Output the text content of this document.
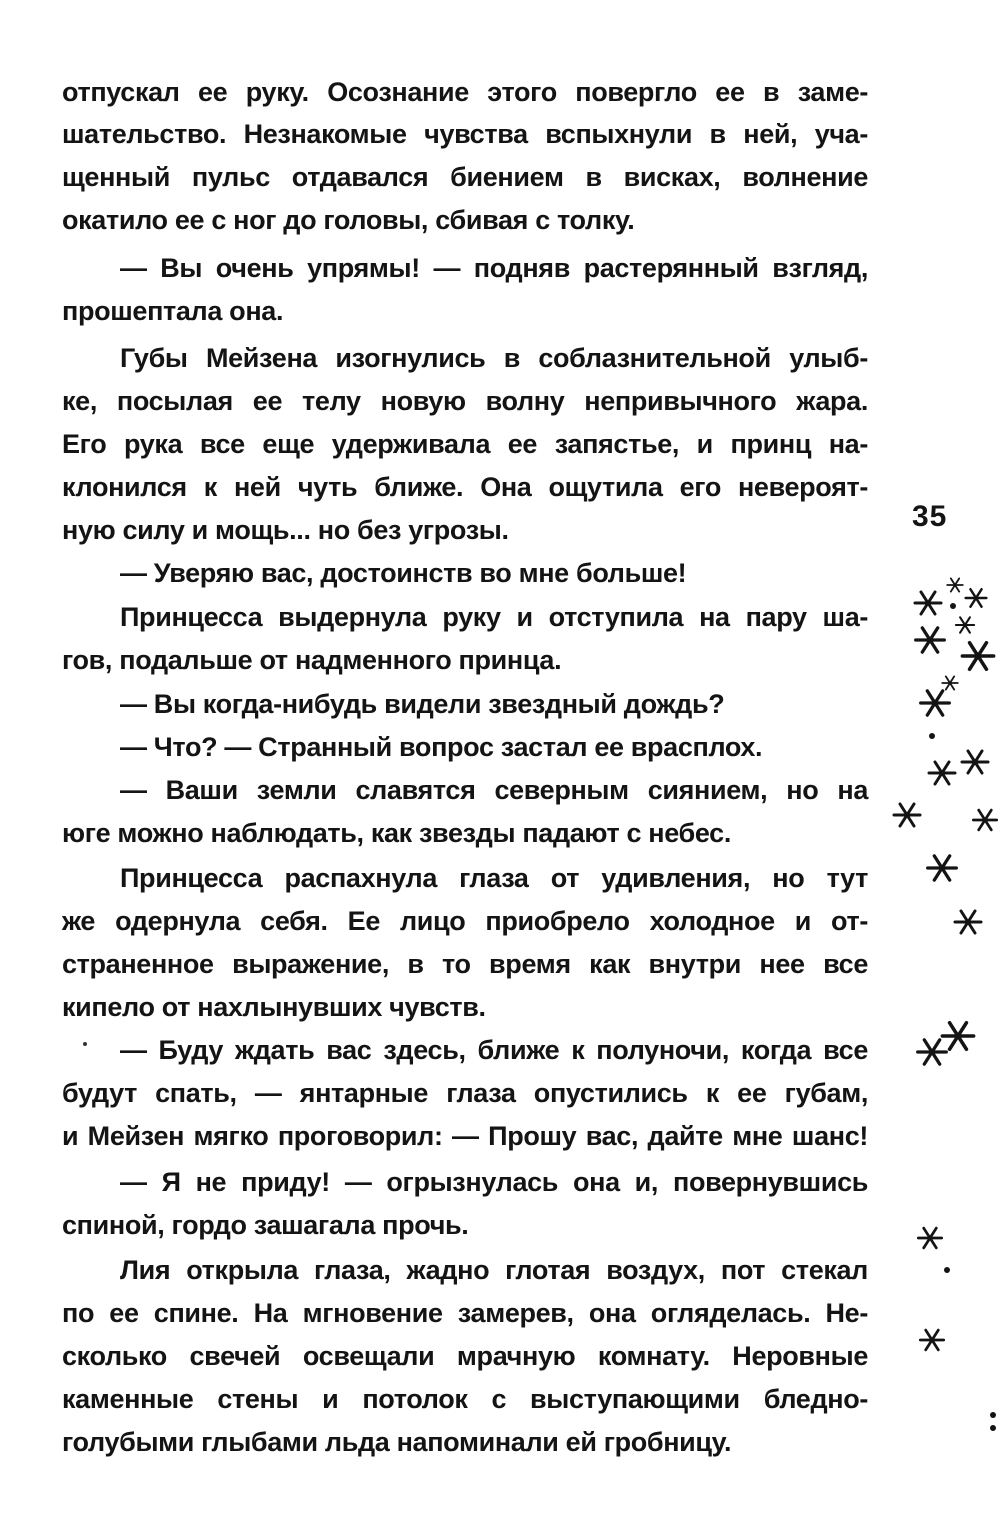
отпускал ее руку. Осознание этого повергло ее в заме-
шательство. Незнакомые чувства вспыхнули в ней, уча-
щенный пульс отдавался биением в висках, волнение
окатило ее с ног до головы, сбивая с толку.
— Вы очень упрямы! — подняв растерянный взгляд,
прошептала она.
Губы Мейзена изогнулись в соблазнительной улыб-
ке, посылая ее телу новую волну непривычного жара.
Его рука все еще удерживала ее запястье, и принц на-
клонился к ней чуть ближе. Она ощутила его невероят-
ную силу и мощь... но без угрозы.
— Уверяю вас, достоинств во мне больше!
Принцесса выдернула руку и отступила на пару ша-
гов, подальше от надменного принца.
— Вы когда-нибудь видели звездный дождь?
— Что? — Странный вопрос застал ее врасплох.
— Ваши земли славятся северным сиянием, но на
юге можно наблюдать, как звезды падают с небес.
Принцесса распахнула глаза от удивления, но тут
же одернула себя. Ее лицо приобрело холодное и от-
страненное выражение, в то время как внутри нее все
кипело от нахлынувших чувств.
— Буду ждать вас здесь, ближе к полуночи, когда все
будут спать, — янтарные глаза опустились к ее губам,
и Мейзен мягко проговорил: — Прошу вас, дайте мне шанс!
— Я не приду! — огрызнулась она и, повернувшись
спиной, гордо зашагала прочь.
Лия открыла глаза, жадно глотая воздух, пот стекал
по ее спине. На мгновение замерев, она огляделась. Не-
сколько свечей освещали мрачную комнату. Неровные
каменные стены и потолок с выступающими бледно-
голубыми глыбами льда напоминали ей гробницу.
35
